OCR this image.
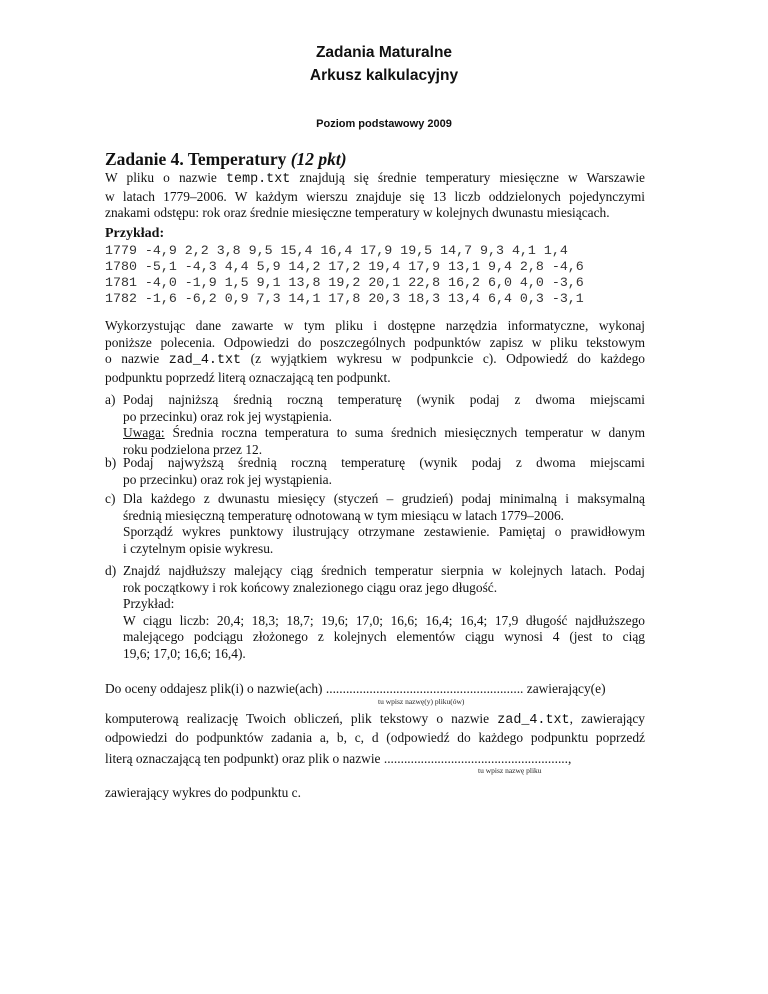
Zadania Maturalne
Arkusz kalkulacyjny
Poziom podstawowy 2009
Zadanie 4. Temperatury (12 pkt)
W pliku o nazwie temp.txt znajdują się średnie temperatury miesięczne w Warszawie
w latach 1779–2006. W każdym wierszu znajduje się 13 liczb oddzielonych pojedynczymi
znakami odstępu: rok oraz średnie miesięczne temperatury w kolejnych dwunastu miesiącach.
Przykład:
1779 -4,9 2,2 3,8 9,5 15,4 16,4 17,9 19,5 14,7 9,3 4,1 1,4
1780 -5,1 -4,3 4,4 5,9 14,2 17,2 19,4 17,9 13,1 9,4 2,8 -4,6
1781 -4,0 -1,9 1,5 9,1 13,8 19,2 20,1 22,8 16,2 6,0 4,0 -3,6
1782 -1,6 -6,2 0,9 7,3 14,1 17,8 20,3 18,3 13,4 6,4 0,3 -3,1
Wykorzystując dane zawarte w tym pliku i dostępne narzędzia informatyczne, wykonaj
poniższe polecenia. Odpowiedzi do poszczególnych podpunktów zapisz w pliku tekstowym
o nazwie zad_4.txt (z wyjątkiem wykresu w podpunkcie c). Odpowiedź do każdego
podpunktu poprzedź literą oznaczającą ten podpunkt.
a) Podaj najniższą średnią roczną temperaturę (wynik podaj z dwoma miejscami
po przecinku) oraz rok jej wystąpienia.
Uwaga: Średnia roczna temperatura to suma średnich miesięcznych temperatur w danym
roku podzielona przez 12.
b) Podaj najwyższą średnią roczną temperaturę (wynik podaj z dwoma miejscami
po przecinku) oraz rok jej wystąpienia.
c) Dla każdego z dwunastu miesięcy (styczeń – grudzień) podaj minimalną i maksymalną
średnią miesięczną temperaturę odnotowaną w tym miesiącu w latach 1779–2006.
Sporządź wykres punktowy ilustrujący otrzymane zestawienie. Pamiętaj o prawidłowym
i czytelnym opisie wykresu.
d) Znajdź najdłuższy malejący ciąg średnich temperatur sierpnia w kolejnych latach. Podaj
rok początkowy i rok końcowy znalezionego ciągu oraz jego długość.
Przykład:
W ciągu liczb: 20,4; 18,3; 18,7; 19,6; 17,0; 16,6; 16,4; 16,4; 17,9 długość najdłuższego
malejącego podciągu złożonego z kolejnych elementów ciągu wynosi 4 (jest to ciąg
19,6; 17,0; 16,6; 16,4).
Do oceny oddajesz plik(i) o nazwie(ach) ........................................................... zawierający(e)
tu wpisz nazwę(y) pliku(ów)
komputerową realizację Twoich obliczeń, plik tekstowy o nazwie zad_4.txt, zawierający
odpowiedzi do podpunktów zadania a, b, c, d (odpowiedź do każdego podpunktu poprzedź
literą oznaczającą ten podpunkt) oraz plik o nazwie .......................................................,
tu wpisz nazwę pliku
zawierający wykres do podpunktu c.
